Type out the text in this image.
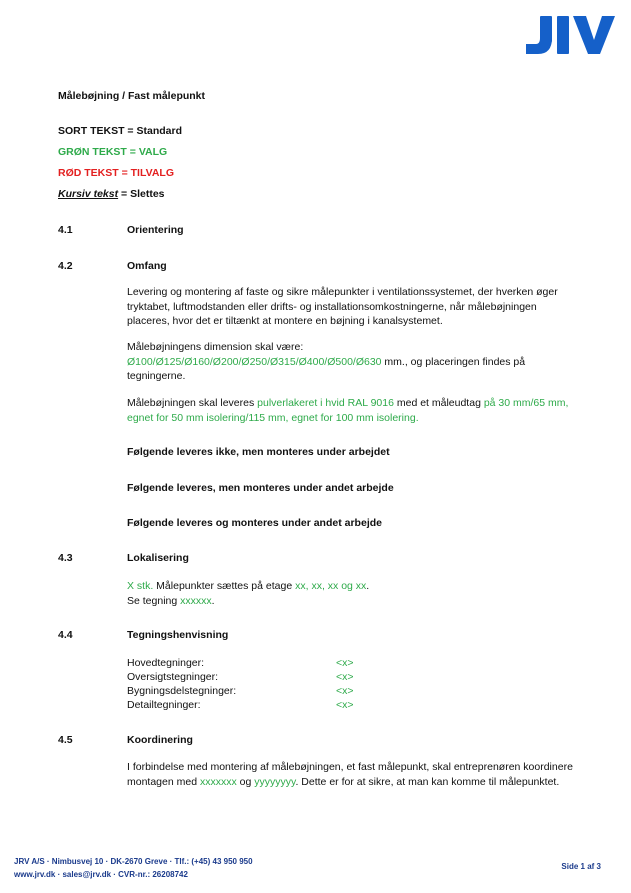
Målebøjning / Fast målepunkt
SORT TEKST = Standard
GRØN TEKST = VALG
RØD TEKST = TILVALG
Kursiv tekst = Slettes
4.1	Orientering
4.2	Omfang
Levering og montering af faste og sikre målepunkter i ventilationssystemet, der hverken øger tryktabet, luftmodstanden eller drifts- og installationsomkostningerne, når målebøjningen placeres, hvor det er tiltænkt at montere en bøjning i kanalsystemet.
Målebøjningens dimension skal være:
Ø100/Ø125/Ø160/Ø200/Ø250/Ø315/Ø400/Ø500/Ø630 mm., og placeringen findes på tegningerne.
Målebøjningen skal leveres pulverlakeret i hvid RAL 9016 med et måleudtag på 30 mm/65 mm, egnet for 50 mm isolering/115 mm, egnet for 100 mm isolering.
Følgende leveres ikke, men monteres under arbejdet
Følgende leveres, men monteres under andet arbejde
Følgende leveres og monteres under andet arbejde
4.3	Lokalisering
X stk. Målepunkter sættes på etage xx, xx, xx og xx.
Se tegning xxxxxx.
4.4	Tegningshenvisning
Hovedtegninger:	<x>
Oversigtstegninger:	<x>
Bygningsdelstegninger:	<x>
Detailtegninger:	<x>
4.5	Koordinering
I forbindelse med montering af målebøjningen, et fast målepunkt, skal entreprenøren koordinere montagen med xxxxxxx og yyyyyyyy. Dette er for at sikre, at man kan komme til målepunktet.
JRV A/S · Nimbusvej 10 · DK-2670 Greve · Tlf.: (+45) 43 950 950
www.jrv.dk · sales@jrv.dk · CVR-nr.: 26208742
Side 1 af 3
